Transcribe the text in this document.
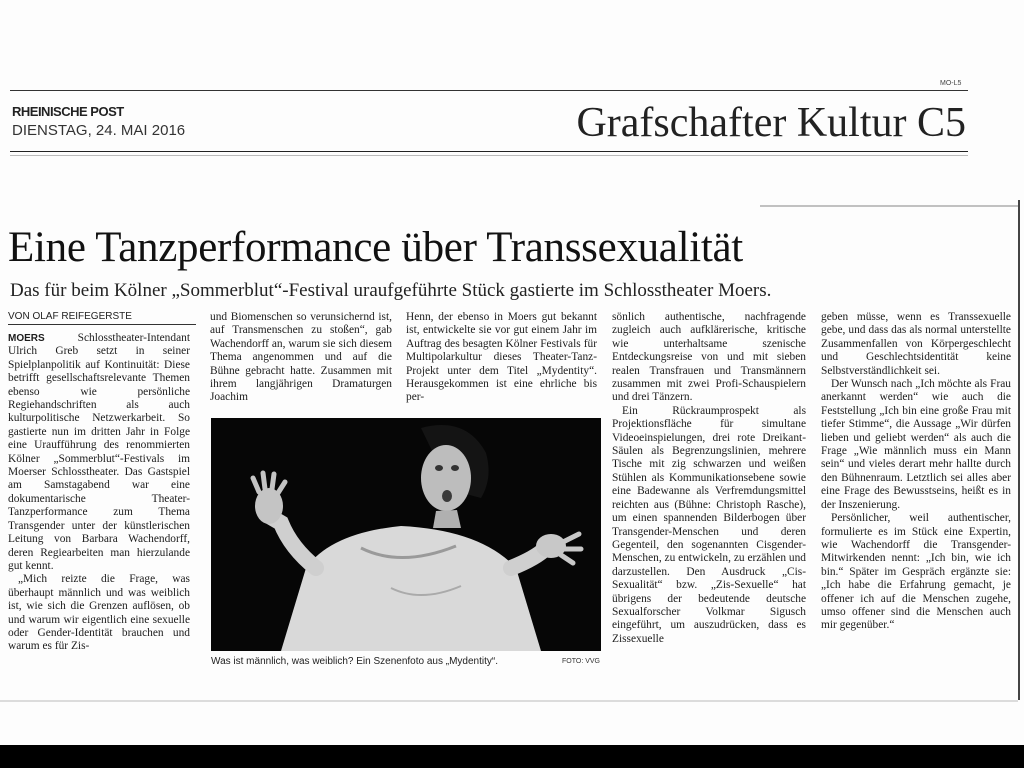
MO-L5
RHEINISCHE POST
DIENSTAG, 24. MAI 2016	Grafschafter Kultur C5
Eine Tanzperformance über Transsexualität
Das für beim Kölner „Sommerblut“-Festival uraufgeführte Stück gastierte im Schlosstheater Moers.
VON OLAF REIFEGERSTE

MOERS	Schlosstheater-Intendant Ulrich Greb setzt in seiner Spielplanpolitik auf Kontinuität: Diese betrifft gesellschaftsrelevante Themen ebenso wie persönliche Regiehandschriften als auch kulturpolitische Netzwerkarbeit. So gastierte nun im dritten Jahr in Folge eine Uraufführung des renommierten Kölner „Sommerblut“-Festivals im Moerser Schlosstheater. Das Gastspiel am Samstagabend war eine dokumentarische Theater-Tanzperformance zum Thema Transgender unter der künstlerischen Leitung von Barbara Wachendorff, deren Regiearbeiten man hierzulande gut kennt.

„Mich reizte die Frage, was überhaupt männlich und was weiblich ist, wie sich die Grenzen auflösen, ob und warum wir eigentlich eine sexuelle oder Gender-Identität brauchen und warum es für Zis-

und Biomenschen so verunsichernd ist, auf Transmenschen zu stoßen“, gab Wachendorff an, warum sie sich diesem Thema angenommen und auf die Bühne gebracht hatte. Zusammen mit ihrem langjährigen Dramaturgen Joachim

Henn, der ebenso in Moers gut bekannt ist, entwickelte sie vor gut einem Jahr im Auftrag des besagten Kölner Festivals für Multipolarkultur dieses Theater-Tanz-Projekt unter dem Titel „Mydentity“. Herausgekommen ist eine ehrliche bis per-

sönlich authentische, nachfragende zugleich auch aufklärerische, kritische wie unterhaltsame szenische Entdeckungsreise von und mit sieben realen Transfrauen und Transmännern zusammen mit zwei Profi-Schauspielern und drei Tänzern.

Ein Rückraumprospekt als Projektionsfläche für simultane Videoeinspielungen, drei rote Dreikant-Säulen als Begrenzungslinien, mehrere Tische mit zig schwarzen und weißen Stühlen als Kommunikationsebene sowie eine Badewanne als Verfremdungsmittel reichten aus (Bühne: Christoph Rasche), um einen spannenden Bilderbogen über Transgender-Menschen und deren Gegenteil, den sogenannten Cisgender-Menschen, zu entwickeln, zu erzählen und darzustellen. Den Ausdruck „Cis-Sexualität“ bzw. „Zis-Sexuelle“ hat übrigens der bedeutende deutsche Sexualforscher Volkmar Sigusch eingeführt, um auszudrücken, dass es Zissexuelle

geben müsse, wenn es Transsexuelle gebe, und dass das als normal unterstellte Zusammenfallen von Körpergeschlecht und Geschlechtsidentität keine Selbstverständlichkeit sei.

Der Wunsch nach „Ich möchte als Frau anerkannt werden“ wie auch die Feststellung „Ich bin eine große Frau mit tiefer Stimme“, die Aussage „Wir dürfen lieben und geliebt werden“ als auch die Frage „Wie männlich muss ein Mann sein“ und vieles derart mehr hallte durch den Bühnenraum. Letztlich sei alles aber eine Frage des Bewusstseins, heißt es in der Inszenierung.

Persönlicher, weil authentischer, formulierte es im Stück eine Expertin, wie Wachendorff die Transgender-Mitwirkenden nennt: „Ich bin, wie ich bin.“ Später im Gespräch ergänzte sie: „Ich habe die Erfahrung gemacht, je offener ich auf die Menschen zugehe, umso offener sind die Menschen auch mir gegenüber.“

Was ist männlich, was weiblich? Ein Szenenfoto aus „Mydentity“.	FOTO: VVG
